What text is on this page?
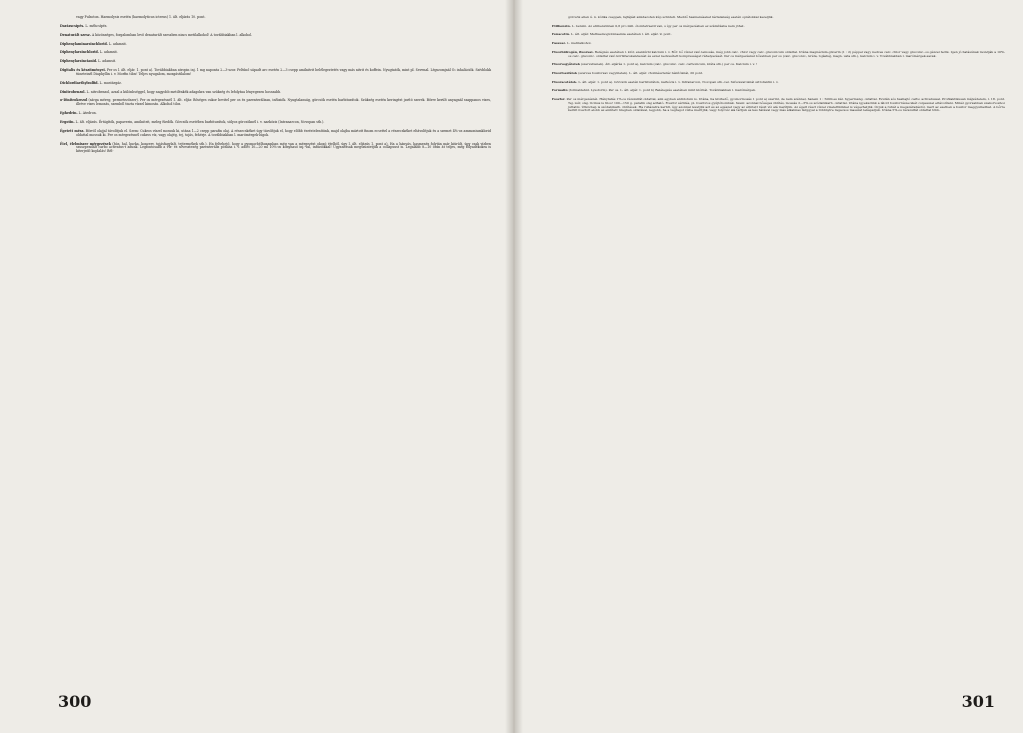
vagy Pulsoton. Haemolysis esetén (haemolyticus icterus) 1. ált. eljárás 10. pont.

Darázscsípés. L. méhcsípés.

Denaturált szesz. A közönséges, forgalomban levő denaturált szeszben nincs metilalkohol! A továbbiakban l. alkohol.

Diphenylaminarsinchlorid. L. adamsit.

Diphenylarsinchlorid. L. adamsit.

Diphenylarsincianid. L. adamsit.

Digitalis és készítményei. Per os l. ált. eljár. 1. pont a). Továbbiakban atropin inj. 1 mg naponta 2—3-szor. Feltűnő sápadt arc esetén 2—3 csepp amilnitrit belélegeztetés vagy más nitrit és koffein. Nyugtatók, mint pl. Sevenal. Légszomjnál O₂ inhalációk. Szívblokk tüneteinél Diaphyllin i. v. Morfin tilos! Teljes nyugalom, mozgástilalom!

Dichlordiaethylsulfid. L. mustárgáz.

Dinitrobenzol. L. nitrobenzol, azzal a különbséggel, hogy nagyobb metilénkék adagokra van szükség és lefolyása lényegesen hosszabb.

o-Dinitrokrezol (sárga méreg, permetezőszer). Per os mérgezésnél 1. ált. eljár. Bőséges cukor bevitel per os és parenterálisan, infúziók. Nyugtalanság, görcsök esetén barbiturátok. Szükség esetén keringést javító szerek. Bőrre került anyagnál szappanos vizes, illetve vizes lemosás, szemből tiszta vízzel kimosás. Alkohol tilos.

Ephedrin. L. Atedron.

Ergotin. L. ált. eljárás. Értágítók, papaverin, amilnitrit, meleg fürdők. Görcsök esetében barbiturátok, súlyos görcsöknél i. v. narkózis (Intranarcon, Novopan stb.).

Égetett mész. Bőrről olajjal távolítjuk el. Szem: Cukros vízzel mossuk ki, utána 1—2 csepp parafin olaj. A részecskéket úgy távolítjuk el, hogy előbb érzéstelenítünk, majd olajba mártott finom ecsettel a részecskéket eltávolítjuk és a szemet 4%-os ammoniumklorid oldattal mossuk ki. Per os mérgezésnél cukros víz, vagy olajég, tej, tojás, fehérje. A továbbiakban l. marómérgek-lúgok.

Étel, élelmiszer mérgezések (hús, hal, hurka, konzerv, tojásfagylalt, tejtermékek stb.). Ha feltehető, hogy a gyomorbélhuzamban még van a mérgezést okozó ételből, úgy l. ált. eljárás 1. pont a). Ha a hányás, hasmenés folytán már kiürült, úgy csak vízben szuszpendált carbo activatus-t adunk. Legfontosabb a víz- és sóveszteség parenterális pótlása i. v. adott 10—20 ml 10%-os konyhasó inj.-val, infúziókkal! Ugyanezsak megszüntetjük a collapsust is. Legalább 8—10 órán át teljes, még folyadékokra is kiterjedő koplalás! Bél-

görcsök ellen ú. n. kólika cseppek, fejfájást amidazofen kúp szünteti. Meddő hasmenéseket láztalanság esetén opiátokkal kezeljük.

Etilbenzin. L. benzin. Az etilbenzinben 0,6 pro mill. ólomtetraetil van, s így per os mérgezésben ez számításba nem jöhet.

Fenacetin. L. ált. eljár. Methaemoglobinaemia esetében l. ált. eljár. 9. pont.

Faszesz. L. metilalkohol.

Fluorhidrogén, fluorsav. Belégzés esetében l. klór, ezenkívül kalcium i. v. Bőr: bő vízzel való lemosás, még jobb calc. chlor vagy calc. gluconicum oldattal. Utána magnézium-glicerin (1 : 2) péppel vagy nedves calc. chlor vagy gluconic.-os gézzel fedni. Igen jó hatásúnak mondják a 10%-os calc. gluconic. oldattal való körülfecskendezést és ezzel nedvesített komprességet ráhelyezését. Per os mérgezésnél bővebben per os (calc. gluconic., kréta, tojáshéj, magn. usta stb.), kalcium i. v. Továbbiakban l. marómérgek-savak.

Fluorvegyületek (szervetlenek). Ált. eljárás 1. pont a), kalcium (calc. gluconic. calc. carbonicum, kréta stb.) per os. Kalcium i. v. !

Fluorfoszfátok (szerves foszforsav vegyületek). L. ált. eljár. cholinészteráz bénítóknál, 20 pont.

Fluoracetátok. L. ált. eljár. 1. pont a). Görcsök esetén barbiturátok, narkózis i. v. Intranarcon, Novopan stb.-vel. Szívzavaroknál sztrofantin i. v.

Formalin (formaldehid. Lysoform). Per os. L. ált. eljár. 1. pont b) Belélegzés esetében mint klórnál. Továbbiakban l. marómérgek.

Foszfor. Per os mérgezésnél. Hánytatás 1%-os rézszulfát oldattal, ami egyben antidotum is. Utána, ha kivihető, gyomormosás 1 pont a) szerint, de nem szénnel, hanem 1 : 5000-es kál. hypermang. oldattal. Ezután sós hashajtó carbo activatussal. Profilaktikusan májvédelem, l. 18. pont. Tej, zsír, olaj, ricinus is tilos! 100—150 g. parafin olaj adható. Foszfor sérülés, pl. foszforos gyújtóbombák. Szem: azonnal bőséges öblítés, mossás 2—3%-os szódabikarb. oldattal. Utána igyekszünk a látott foszforrészecskét csipesszel eltávolítani. Minél gyorsabban szakorvoshoz juttatni. Útközben is szódabikarb. öblítések. Ha ruházatra került, úgy azonnal levetjük azt és az egészet vagy az érintett részt víz alá merítjük. Az égett részt vízzel vizelettünkkel is végezhetjük. Óvjuk a ruhát a megszáradástól, mert az esetben a foszfor meggyulladhat. A bőrre került foszfort előbb az említett üregben oldatával, legjobb, ha a végtagot vízbe merítjük, vagy folyóvíz alá tartjuk és kés hátával vagy más alkalmas tárggyal a többnyire ragacsos masszát lekaparjuk. Utána 5%-os rézszulfát oldattal több-

300	301
